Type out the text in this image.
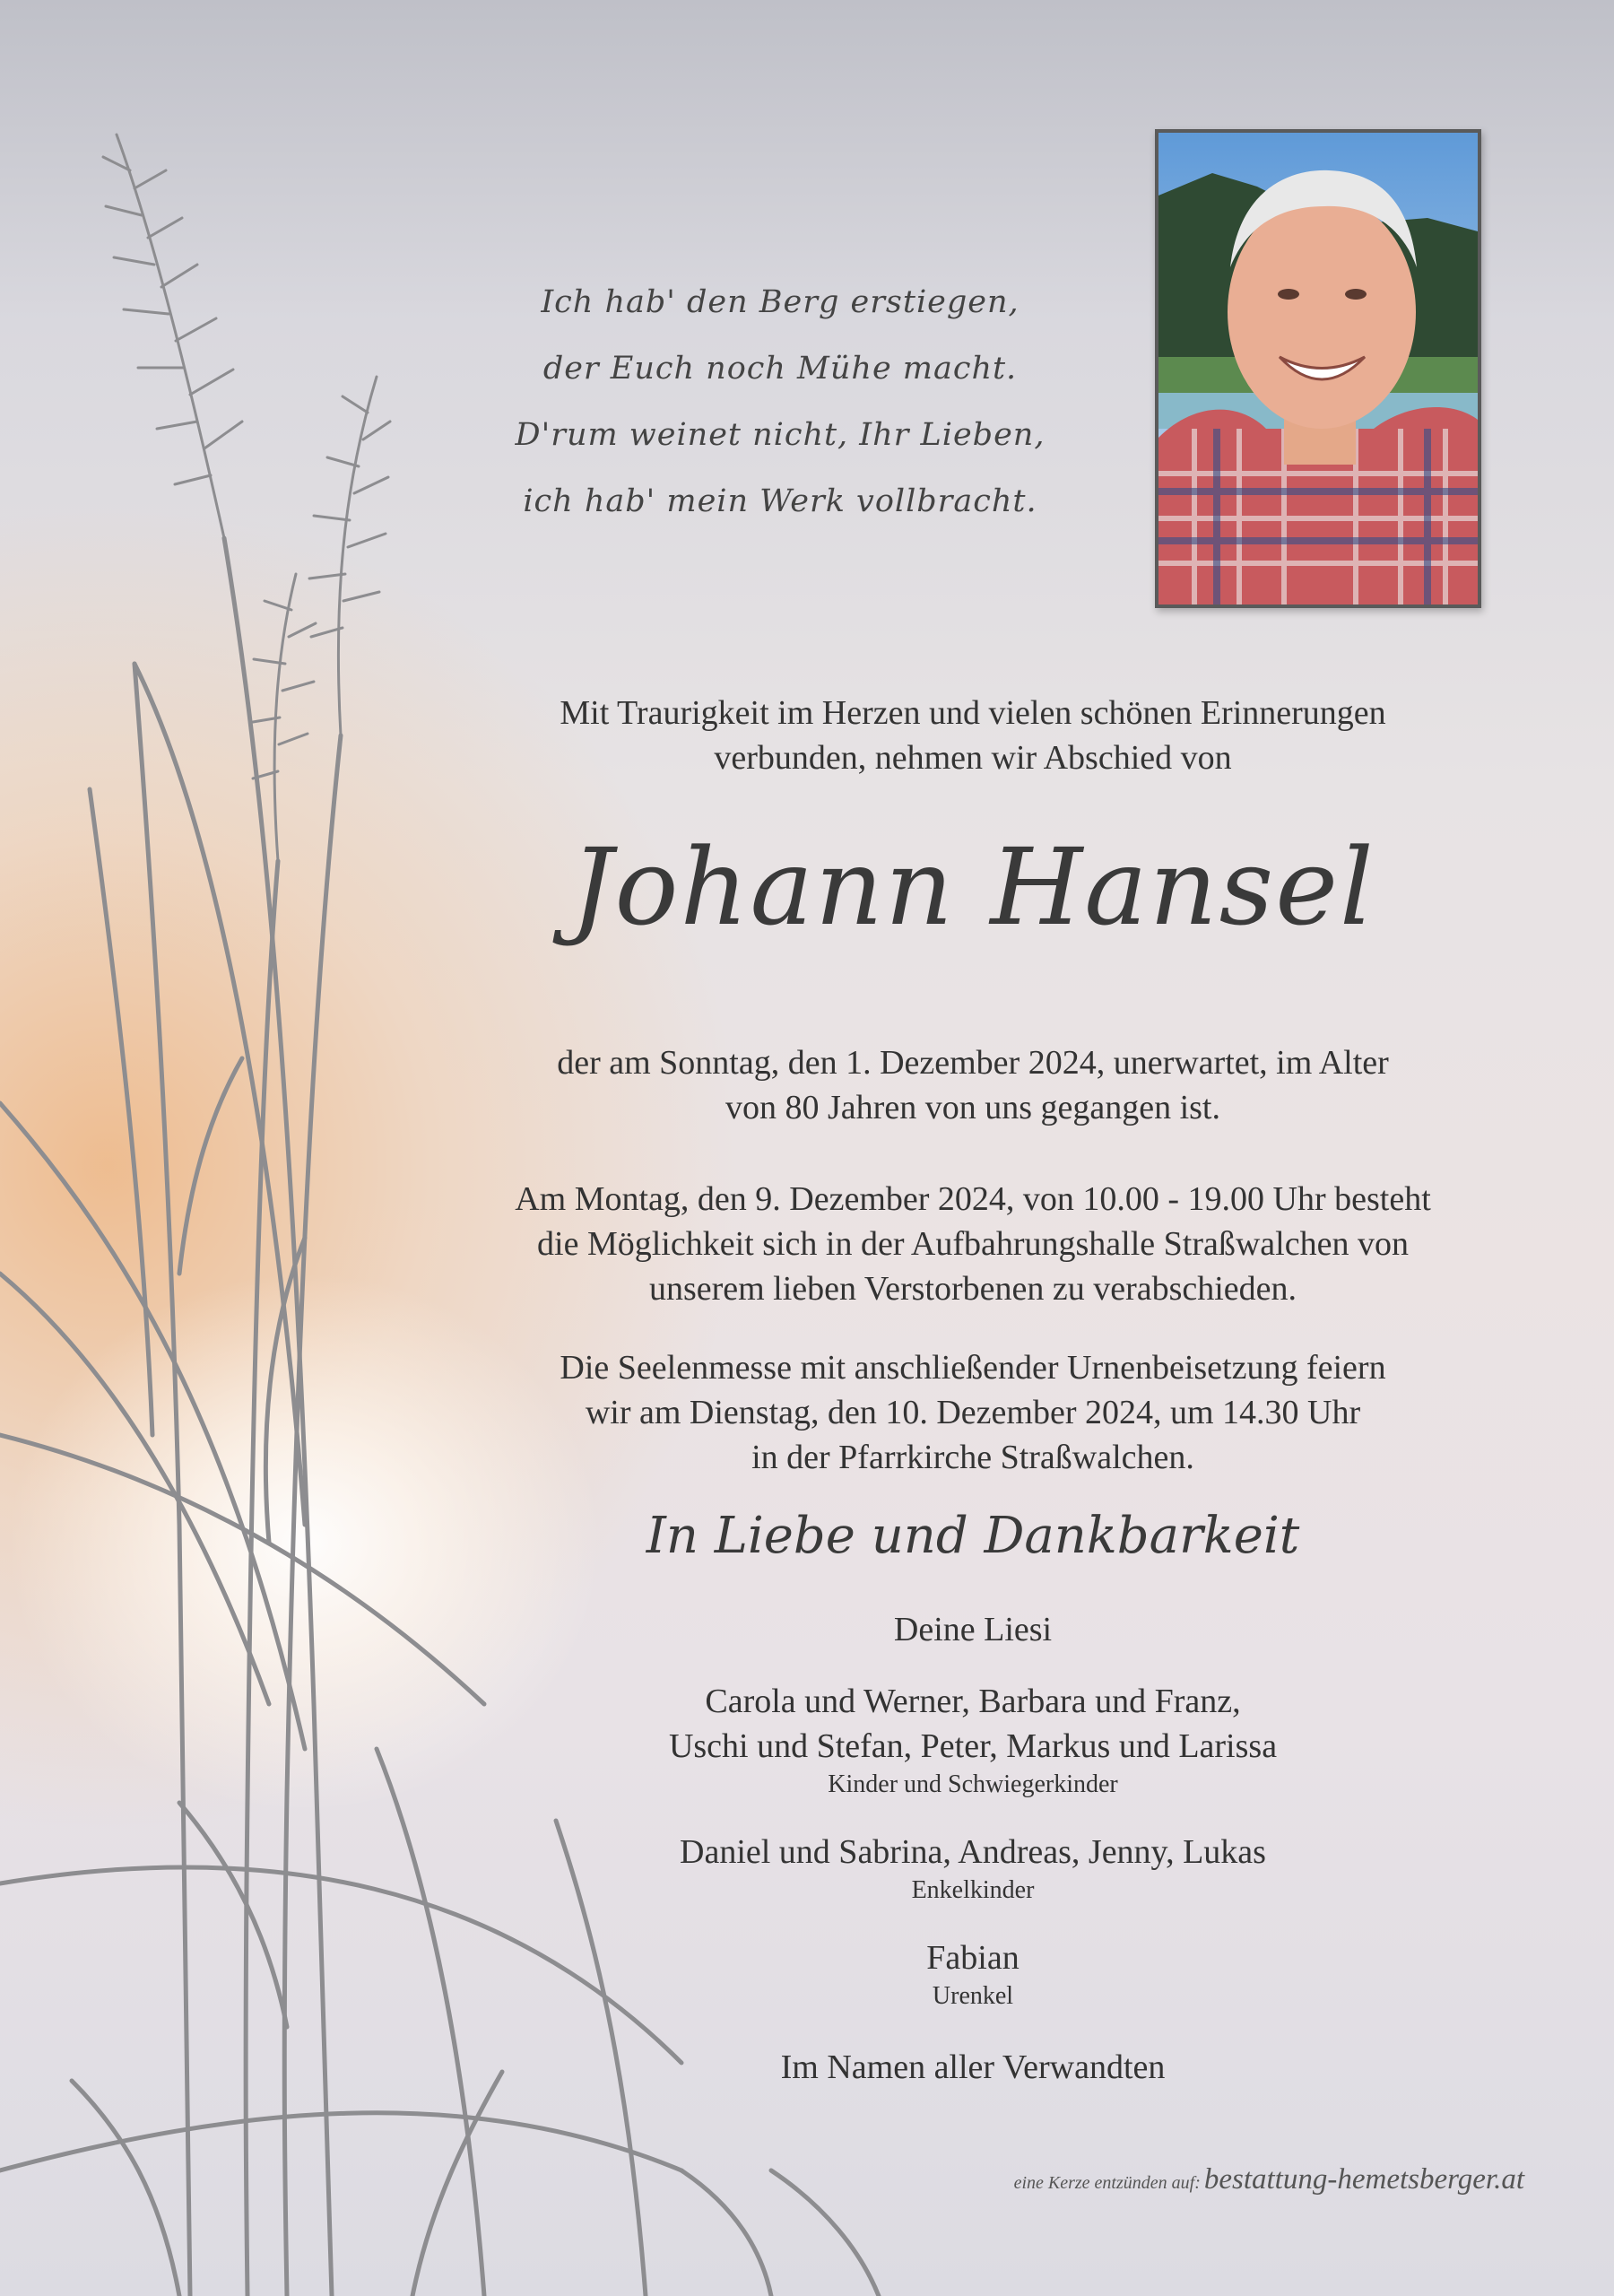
Ich hab' den Berg erstiegen,

der Euch noch Mühe macht.

D'rum weinet nicht, Ihr Lieben,

ich hab' mein Werk vollbracht.

Mit Traurigkeit im Herzen und vielen schönen Erinnerungen

verbunden, nehmen wir Abschied von

Johann Hansel

der am Sonntag, den 1. Dezember 2024, unerwartet, im Alter

von 80 Jahren von uns gegangen ist.

Am Montag, den 9. Dezember 2024, von 10.00 - 19.00 Uhr besteht

die Möglichkeit sich in der Aufbahrungshalle Straßwalchen von

unserem lieben Verstorbenen zu verabschieden.

Die Seelenmesse mit anschließender Urnenbeisetzung feiern

wir am Dienstag, den 10. Dezember 2024, um 14.30 Uhr

in der Pfarrkirche Straßwalchen.

In Liebe und Dankbarkeit
Deine Liesi

Carola und Werner, Barbara und Franz,

Uschi und Stefan, Peter, Markus und Larissa

Kinder und Schwiegerkinder

Daniel und Sabrina, Andreas, Jenny, Lukas

Enkelkinder

Fabian

Urenkel

Im Namen aller Verwandten
eine Kerze entzünden auf: bestattung-hemetsberger.at
